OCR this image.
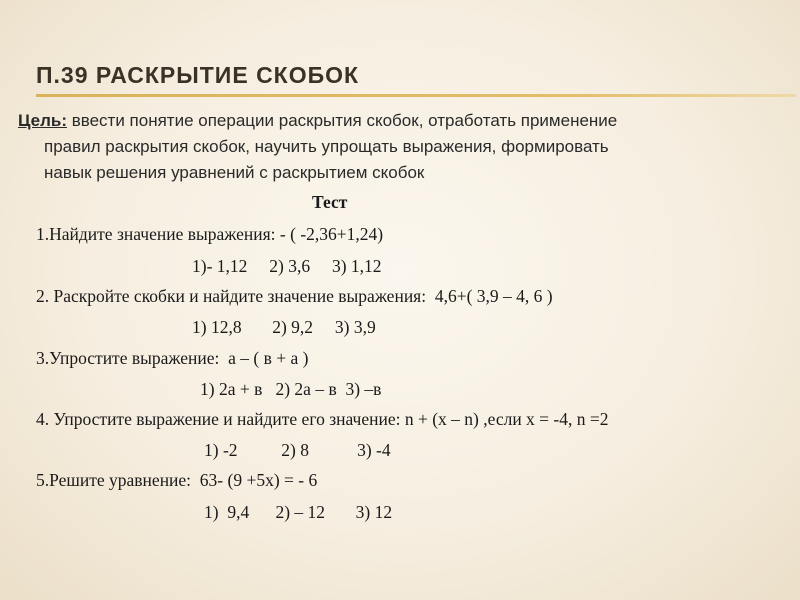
П.39 РАСКРЫТИЕ СКОБОК
Цель: ввести понятие операции раскрытия скобок, отработать применение
правил раскрытия скобок, научить упрощать выражения, формировать
навык решения уравнений с раскрытием скобок
Тест
1.Найдите значение выражения: - ( -2,36+1,24)
1)- 1,12     2) 3,6     3) 1,12
2. Раскройте скобки и найдите значение выражения:  4,6+( 3,9 – 4, 6 )
1) 12,8       2) 9,2     3) 3,9
3.Упростите выражение:  а – ( в + а )
1) 2а + в   2) 2а – в  3) –в
4. Упростите выражение и найдите его значение: n + (x – n) ,если х = -4, n =2
1) -2          2) 8           3) -4
5.Решите уравнение:  63- (9 +5х) = - 6
1)  9,4      2) – 12       3) 12
